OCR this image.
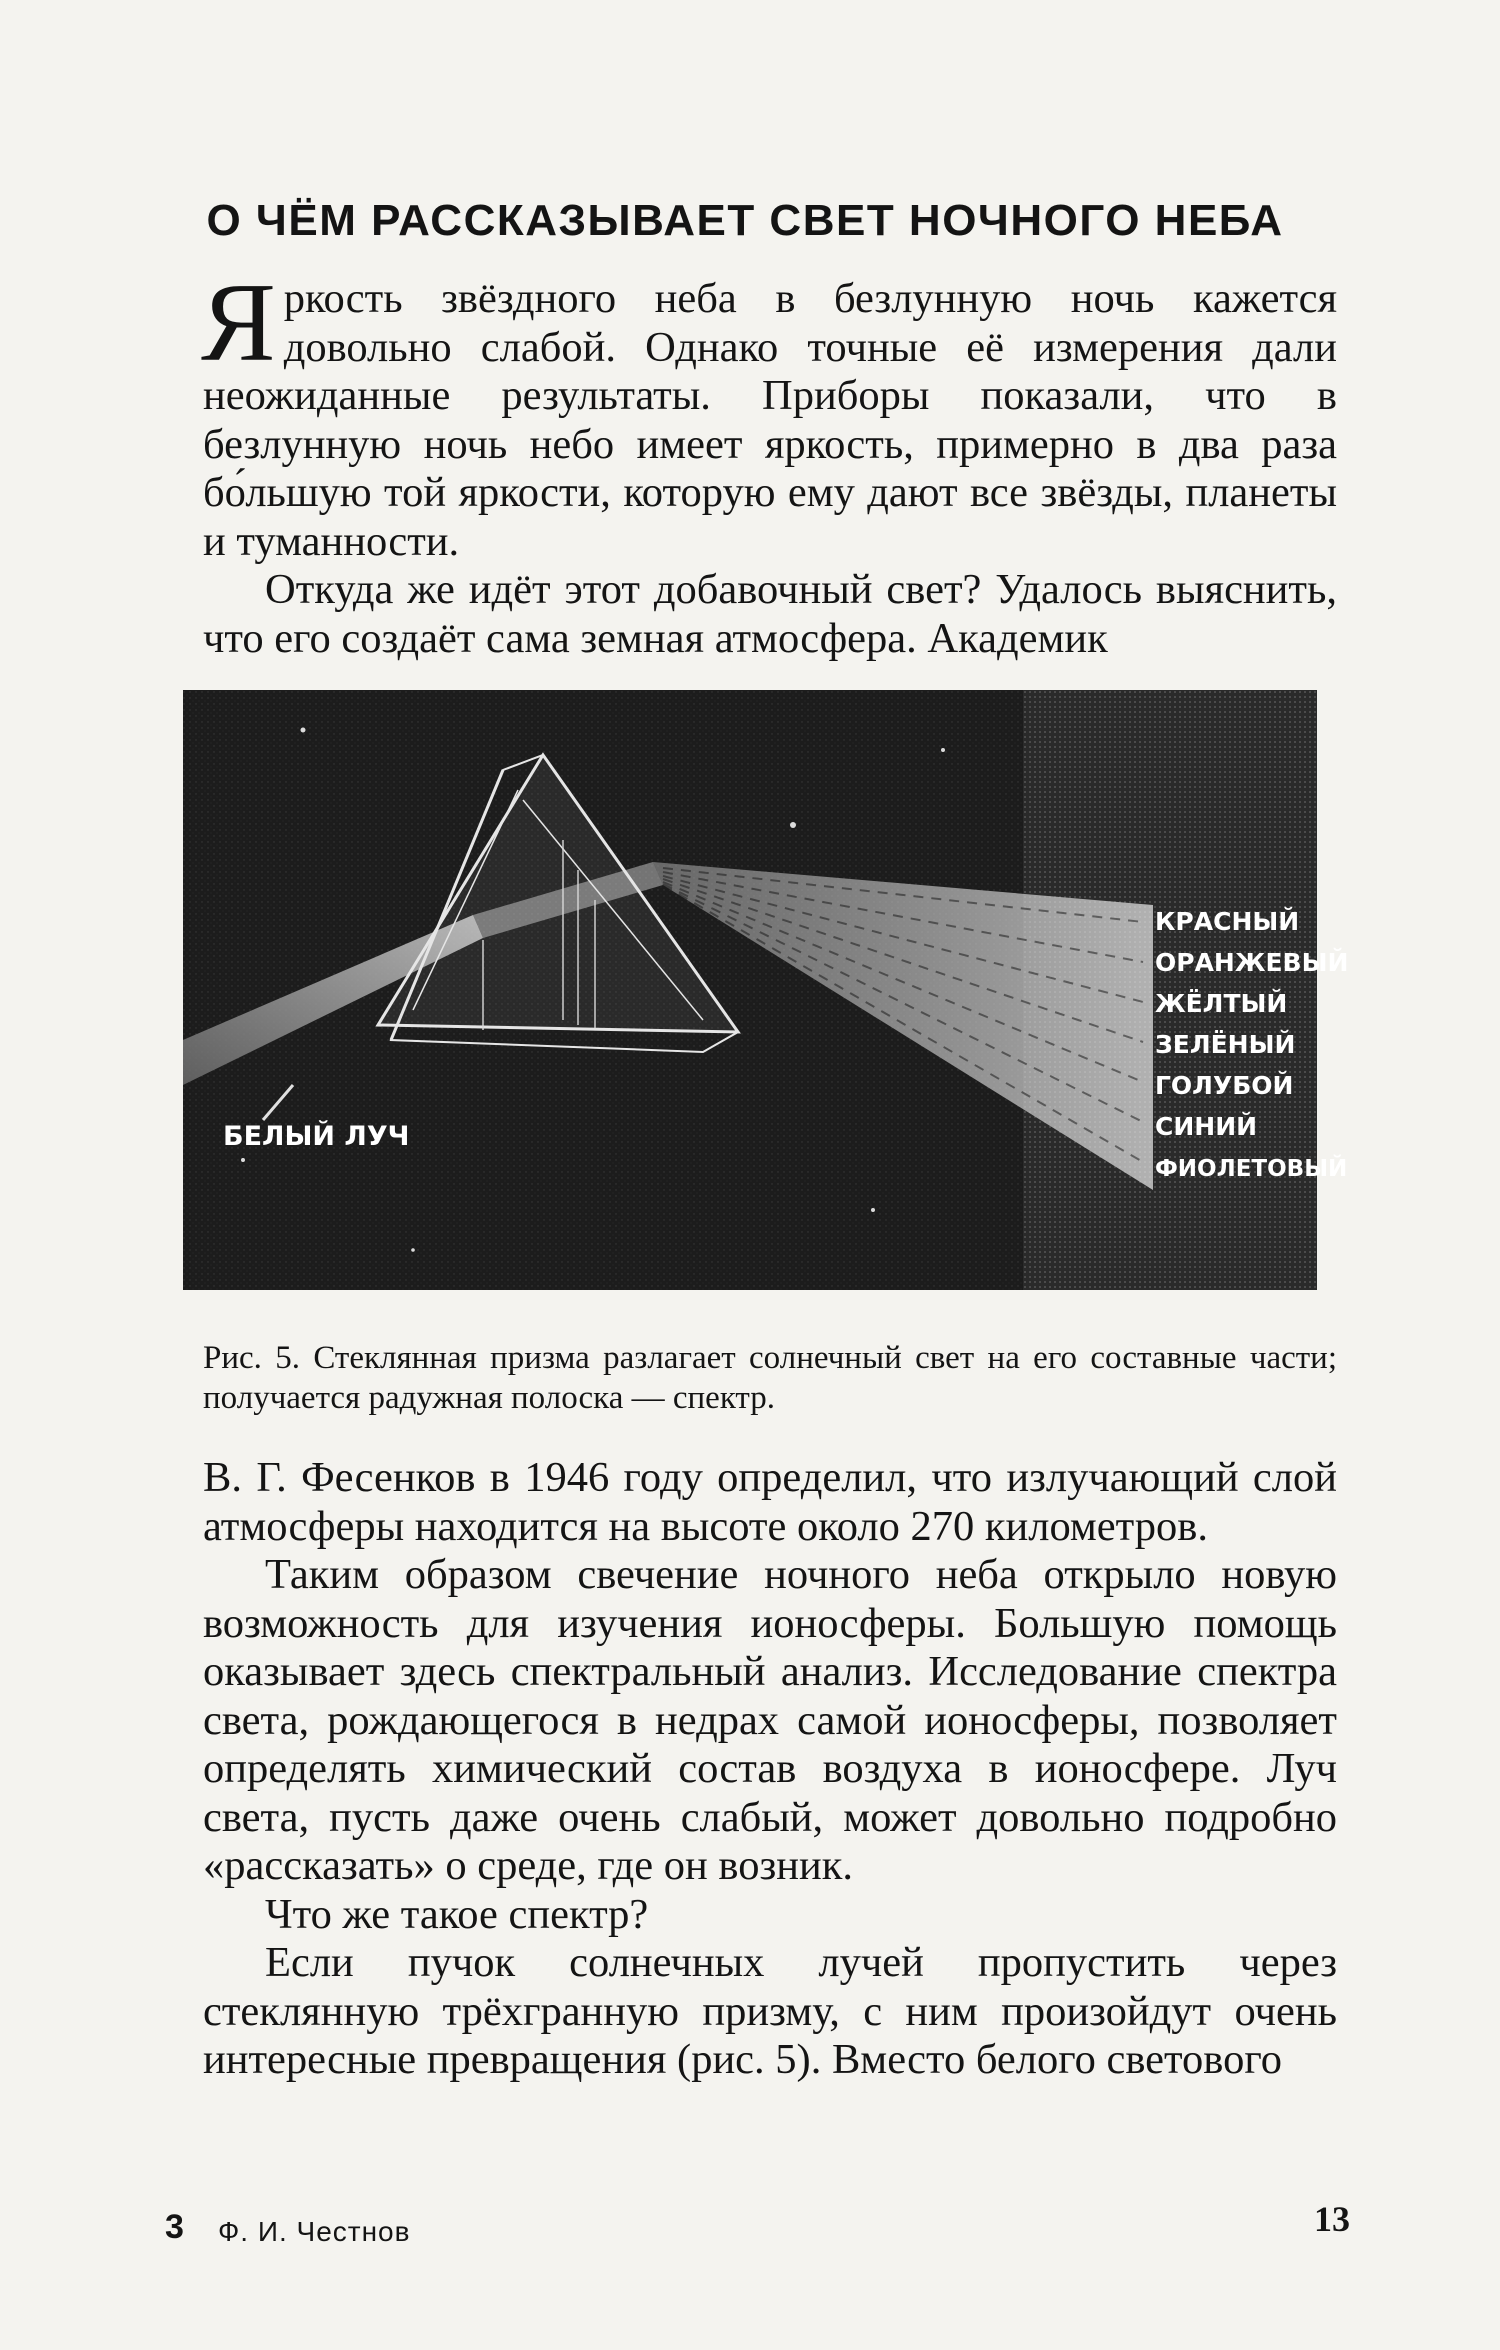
О ЧЁМ РАССКАЗЫВАЕТ СВЕТ НОЧНОГО НЕБА

Яркость звёздного неба в безлунную ночь кажется довольно слабой. Однако точные её измерения дали неожиданные результаты. Приборы показали, что в безлунную ночь небо имеет яркость, примерно в два раза бо́льшую той яркости, которую ему дают все звёзды, планеты и туманности.

Откуда же идёт этот добавочный свет? Удалось выяснить, что его создаёт сама земная атмосфера. Академик

БЕЛЫЙ ЛУЧ
КРАСНЫЙ
ОРАНЖЕВЫЙ
ЖЁЛТЫЙ
ЗЕЛЁНЫЙ
ГОЛУБОЙ
СИНИЙ
ФИОЛЕТОВЫЙ

Рис. 5. Стеклянная призма разлагает солнечный свет на его составные части; получается радужная полоска — спектр.

В. Г. Фесенков в 1946 году определил, что излучающий слой атмосферы находится на высоте около 270 километров.

Таким образом свечение ночного неба открыло новую возможность для изучения ионосферы. Большую помощь оказывает здесь спектральный анализ. Исследование спектра света, рождающегося в недрах самой ионосферы, позволяет определять химический состав воздуха в ионосфере. Луч света, пусть даже очень слабый, может довольно подробно «рассказать» о среде, где он возник.

Что же такое спектр?

Если пучок солнечных лучей пропустить через стеклянную трёхгранную призму, с ним произойдут очень интересные превращения (рис. 5). Вместо белого светового

3 Ф. И. Честнов	13
